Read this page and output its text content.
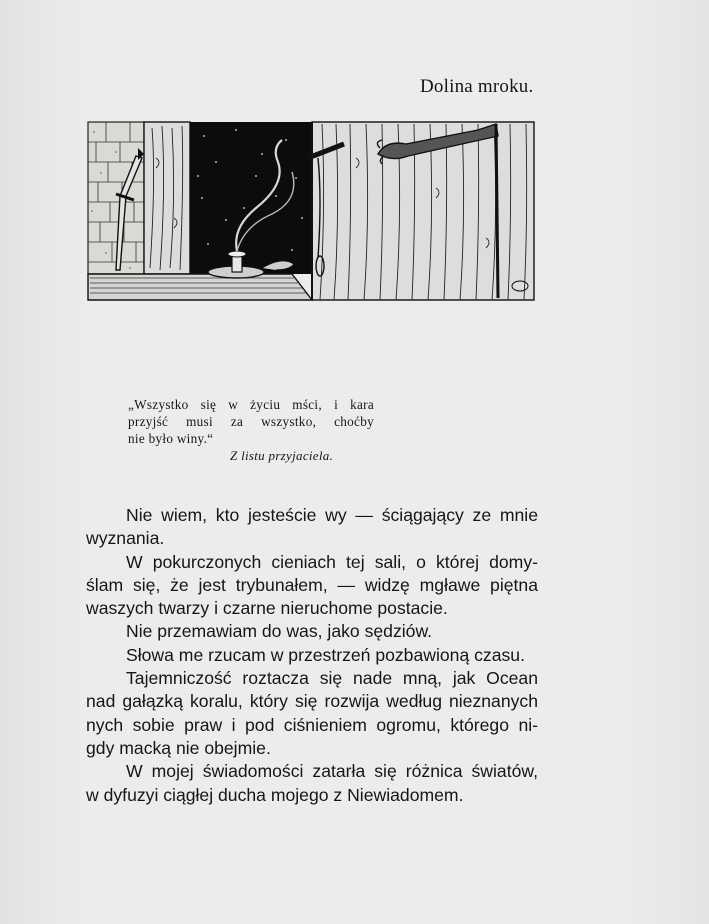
Dolina mroku.

„Wszystko się w życiu mści, i kara

przyjść musi za wszystko, choćby

nie było winy.“

Z listu przyjaciela.
Nie wiem, kto jesteście wy — ściągający ze mnie
wyznania.
W pokurczonych cieniach tej sali, o której domy-
ślam się, że jest trybunałem, — widzę mgławe piętna
waszych twarzy i czarne nieruchome postacie.
Nie przemawiam do was, jako sędziów.
Słowa me rzucam w przestrzeń pozbawioną czasu.
Tajemniczość roztacza się nade mną, jak Ocean
nad gałązką koralu, który się rozwija według nieznanych
nych sobie praw i pod ciśnieniem ogromu, którego ni-
gdy macką nie obejmie.
W mojej świadomości zatarła się różnica światów,
w dyfuzyi ciągłej ducha mojego z Niewiadomem.
